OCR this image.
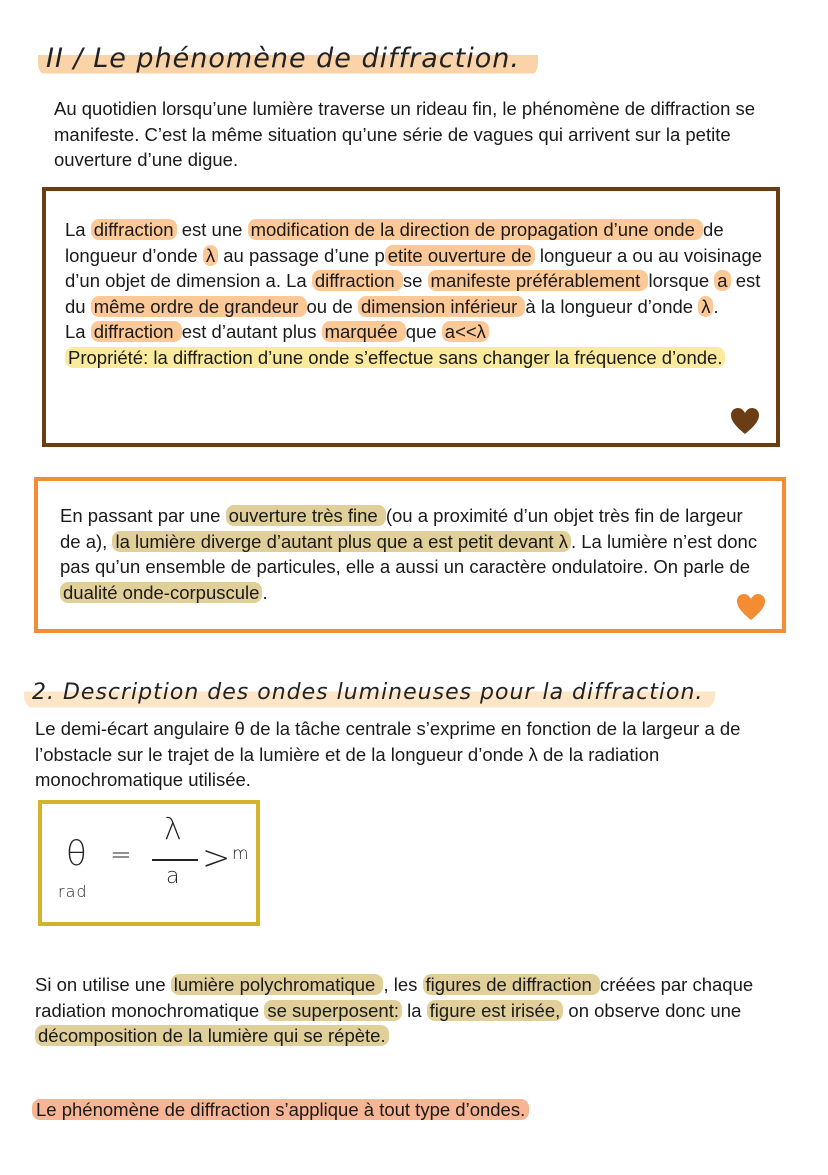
II / Le phénomène de diffraction.

Au quotidien lorsqu’une lumière traverse un rideau fin, le phénomène de diffraction se manifeste. C’est la même situation qu’une série de vagues qui arrivent sur la petite ouverture d’une digue.

La diffraction est une modification de la direction de propagation d’une onde de longueur d’onde λ au passage d’une p etite ouverture de longueur a ou au voisinage d’un objet de dimension a. La diffraction se manifeste préférablement lorsque a est du même ordre de grandeur ou de dimension inférieur à la longueur d’onde λ .
La diffraction est d’autant plus marquée que a<<λ
Propriété: la diffraction d’une onde s’effectue sans changer la fréquence d’onde.

En passant par une ouverture très fine (ou a proximité d’un objet très fin de largeur de a), la lumière diverge d’autant plus que a est petit devant λ . La lumière n’est donc pas qu’un ensemble de particules, elle a aussi un caractère ondulatoire. On parle de dualité onde-corpuscule .

2. Description des ondes lumineuses pour la diffraction.

Le demi-écart angulaire θ de la tâche centrale s’exprime en fonction de la largeur a de l’obstacle sur le trajet de la lumière et de la longueur d’onde λ de la radiation monochromatique utilisée.

θ
rad
=
λ
a > m

Si on utilise une lumière polychromatique , les figures de diffraction créées par chaque radiation monochromatique se superposent: la figure est irisée, on observe donc une décomposition de la lumière qui se répète.

Le phénomène de diffraction s’applique à tout type d’ondes.
